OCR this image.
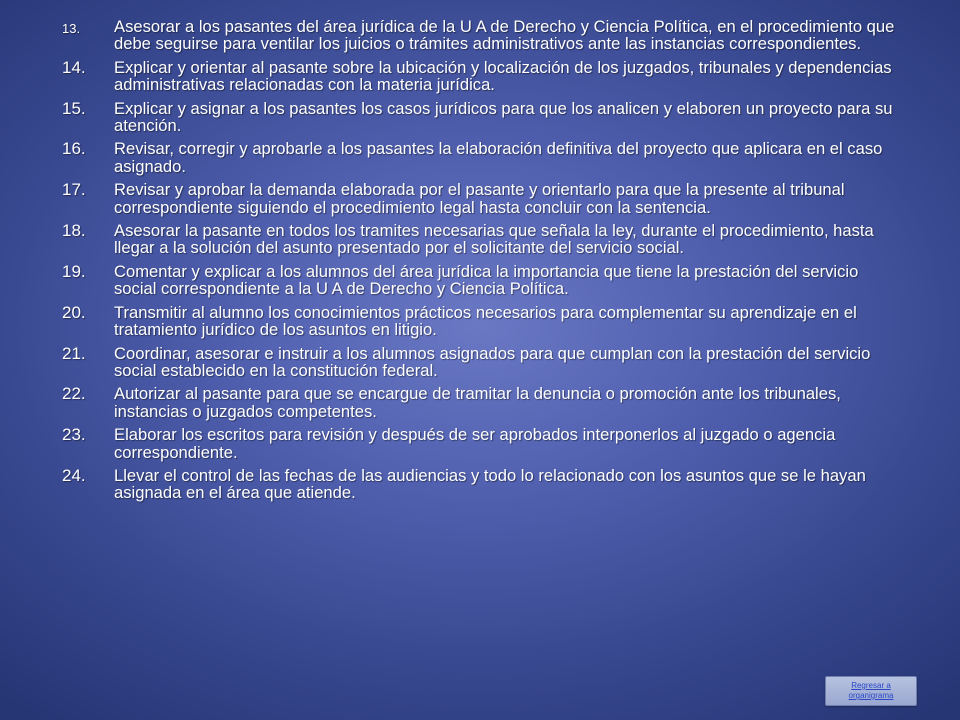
13.	Asesorar a los pasantes del área jurídica de la U A de Derecho y Ciencia Política, en el procedimiento que debe seguirse para ventilar los juicios o trámites administrativos ante las instancias correspondientes.
14.	Explicar y orientar al pasante sobre la ubicación y localización de los juzgados, tribunales y dependencias administrativas relacionadas con la materia jurídica.
15.	Explicar y asignar a los pasantes los casos jurídicos para que los analicen y elaboren un proyecto para su atención.
16.	Revisar, corregir y aprobarle a los pasantes la elaboración definitiva del proyecto que aplicara en el caso asignado.
17.	Revisar y aprobar la demanda elaborada por el pasante y orientarlo para que la presente al tribunal correspondiente siguiendo el procedimiento legal hasta concluir con la sentencia.
18.	Asesorar la pasante en todos los tramites necesarias que señala la ley, durante el procedimiento, hasta llegar a la solución del asunto presentado por el solicitante del servicio social.
19.	Comentar y explicar a los alumnos del área jurídica la importancia que tiene la prestación del servicio social correspondiente a la U A de Derecho y Ciencia Política.
20.	Transmitir al alumno los conocimientos prácticos necesarios para complementar su aprendizaje en el tratamiento jurídico de los asuntos en litigio.
21.	Coordinar, asesorar e instruir a los alumnos asignados para que cumplan con la prestación del servicio social establecido en la constitución federal.
22.	Autorizar al pasante para que se encargue de tramitar la denuncia o promoción ante los tribunales, instancias o juzgados competentes.
23.	Elaborar los escritos para revisión y después de ser aprobados interponerlos al juzgado o agencia correspondiente.
24.	Llevar el control de las fechas de las audiencias y todo lo relacionado con los asuntos que se le hayan asignada en el área que atiende.
Regresar a organigrama
